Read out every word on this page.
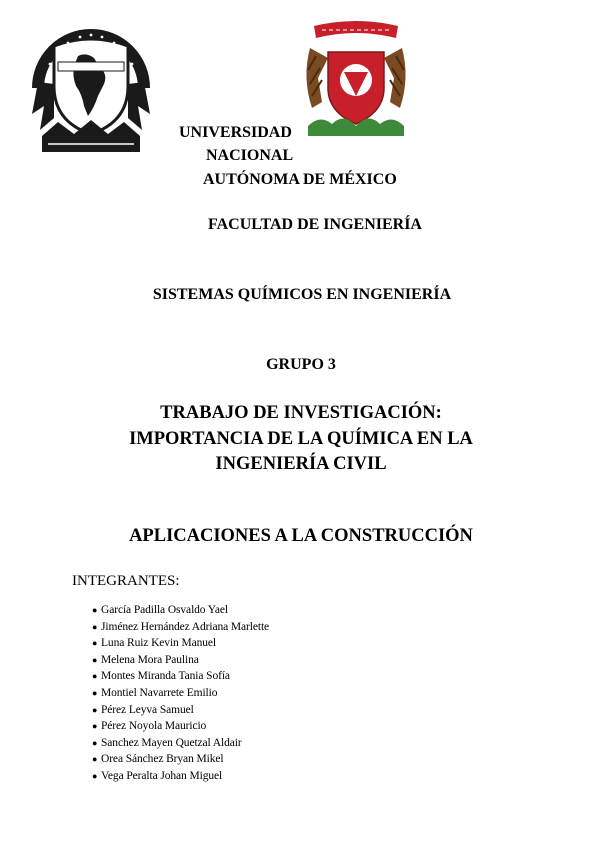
UNIVERSIDAD
NACIONAL
AUTÓNOMA DE MÉXICO
FACULTAD DE INGENIERÍA
SISTEMAS QUÍMICOS EN INGENIERÍA
GRUPO 3
TRABAJO DE INVESTIGACIÓN:
IMPORTANCIA DE LA QUÍMICA EN LA
INGENIERÍA CIVIL
APLICACIONES A LA CONSTRUCCIÓN
INTEGRANTES:
● García Padilla Osvaldo Yael
● Jiménez Hernández Adriana Marlette
● Luna Ruiz Kevin Manuel
● Melena Mora Paulina
● Montes Miranda Tania Sofía
● Montiel Navarrete Emilio
● Pérez Leyva Samuel
● Pérez Noyola Mauricio
● Sanchez Mayen Quetzal Aldair
● Orea Sánchez Bryan Mikel
● Vega Peralta Johan Miguel
